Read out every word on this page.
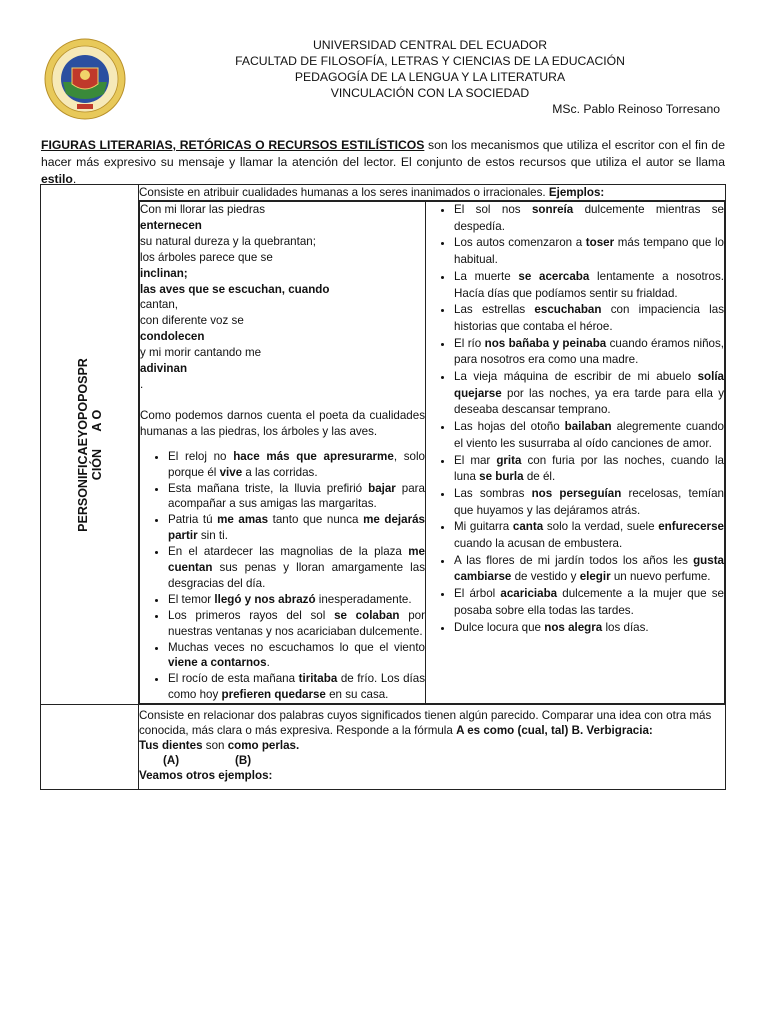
UNIVERSIDAD CENTRAL DEL ECUADOR
FACULTAD DE FILOSOFÍA, LETRAS Y CIENCIAS DE LA EDUCACIÓN
PEDAGOGÍA DE LA LENGUA Y LA LITERATURA
VINCULACIÓN CON LA SOCIEDAD
MSc. Pablo Reinoso Torresano
FIGURAS LITERARIAS, RETÓRICAS O RECURSOS ESTILÍSTICOS son los mecanismos que utiliza el escritor con el fin de hacer más expresivo su mensaje y llamar la atención del lector. El conjunto de estos recursos que utiliza el autor se llama estilo.
PERSONIFICAEYOPOPOSPR
CIÓN     A O
	Consiste en atribuir cualidades humanas a los seres inanimados o irracionales. Ejemplos:

Con mi llorar las piedras
enternecen
su natural dureza y la quebrantan;
los árboles parece que se
inclinan;
las aves que se escuchan, cuando
cantan,
con diferente voz se
condolecen
y mi morir cantando me
adivinan
.
Como podemos darnos cuenta el poeta da cualidades humanas a las piedras, los árboles y las aves.
• El reloj no hace más que apresurarme, solo porque él vive a las corridas.
• Esta mañana triste, la lluvia prefirió bajar para acompañar a sus amigas las margaritas.
• Patria tú me amas tanto que nunca me dejarás partir sin ti.
• En el atardecer las magnolias de la plaza me cuentan sus penas y lloran amargamente las desgracias del día.
• El temor llegó y nos abrazó inesperadamente.
• Los primeros rayos del sol se colaban por nuestras ventanas y nos acariciaban dulcemente.
• Muchas veces no escuchamos lo que el viento viene a contarnos.
• El rocío de esta mañana tiritaba de frío. Los días como hoy prefieren quedarse en su casa.

• El sol nos sonreía dulcemente mientras se despedía.
• Los autos comenzaron a toser más tempano que lo habitual.
• La muerte se acercaba lentamente a nosotros. Hacía días que podíamos sentir su frialdad.
• Las estrellas escuchaban con impaciencia las historias que contaba el héroe.
• El río nos bañaba y peinaba cuando éramos niños, para nosotros era como una madre.
• La vieja máquina de escribir de mi abuelo solía quejarse por las noches, ya era tarde para ella y deseaba descansar temprano.
• Las hojas del otoño bailaban alegremente cuando el viento les susurraba al oído canciones de amor.
• El mar grita con furia por las noches, cuando la luna se burla de él.
• Las sombras nos perseguían recelosas, temían que huyamos y las dejáramos atrás.
• Mi guitarra canta solo la verdad, suele enfurecerse cuando la acusan de embustera.
• A las flores de mi jardín todos los años les gusta cambiarse de vestido y elegir un nuevo perfume.
• El árbol acariciaba dulcemente a la mujer que se posaba sobre ella todas las tardes.
• Dulce locura que nos alegra los días.

	Consiste en relacionar dos palabras cuyos significados tienen algún parecido. Comparar una idea con otra más conocida, más clara o más expresiva. Responde a la fórmula A es como (cual, tal) B. Verbigracia:
Tus dientes son como perlas.
(A)	(B)
Veamos otros ejemplos:
